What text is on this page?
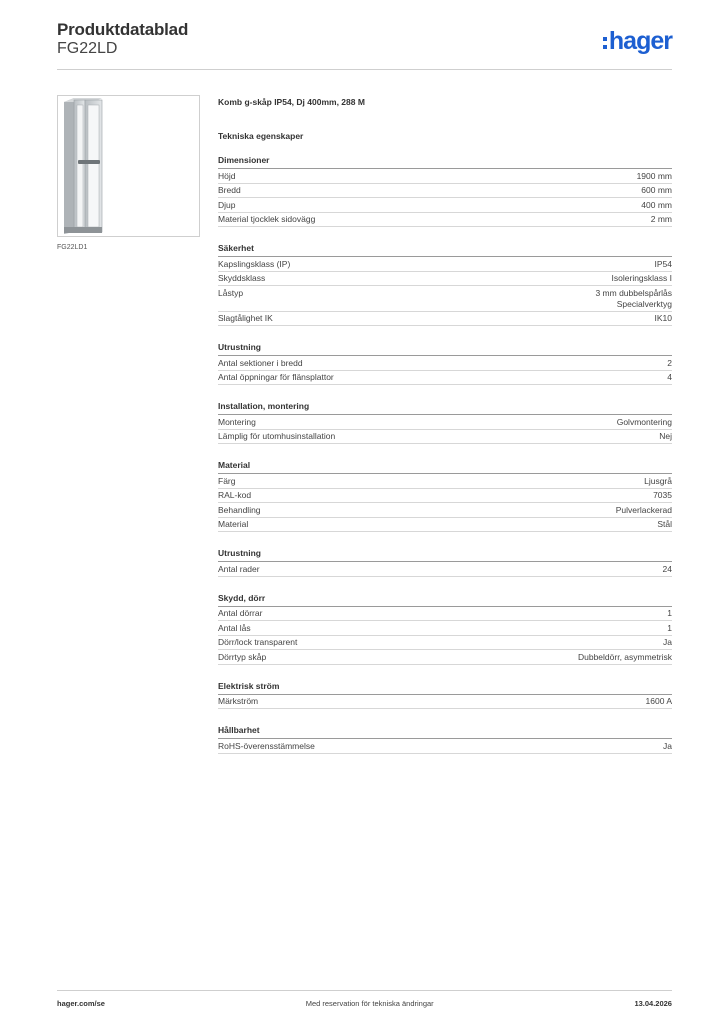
Produktdatablad
FG22LD	hager
FG22LD1
Komb g-skåp IP54, Dj 400mm, 288 M
Tekniska egenskaper
Dimensioner
Höjd	1900 mm
Bredd	600 mm
Djup	400 mm
Material tjocklek sidovägg	2 mm
Säkerhet
Kapslingsklass (IP)	IP54
Skyddsklass	Isoleringsklass I
Låstyp	3 mm dubbelspårlås
Specialverktyg
Slagtålighet IK	IK10
Utrustning
Antal sektioner i bredd	2
Antal öppningar för flänsplattor	4
Installation, montering
Montering	Golvmontering
Lämplig för utomhusinstallation	Nej
Material
Färg	Ljusgrå
RAL-kod	7035
Behandling	Pulverlackerad
Material	Stål
Utrustning
Antal rader	24
Skydd, dörr
Antal dörrar	1
Antal lås	1
Dörr/lock transparent	Ja
Dörrtyp skåp	Dubbeldörr, asymmetrisk
Elektrisk ström
Märkström	1600 A
Hållbarhet
RoHS-överensstämmelse	Ja
hager.com/se	Med reservation för tekniska ändringar	13.04.2026
